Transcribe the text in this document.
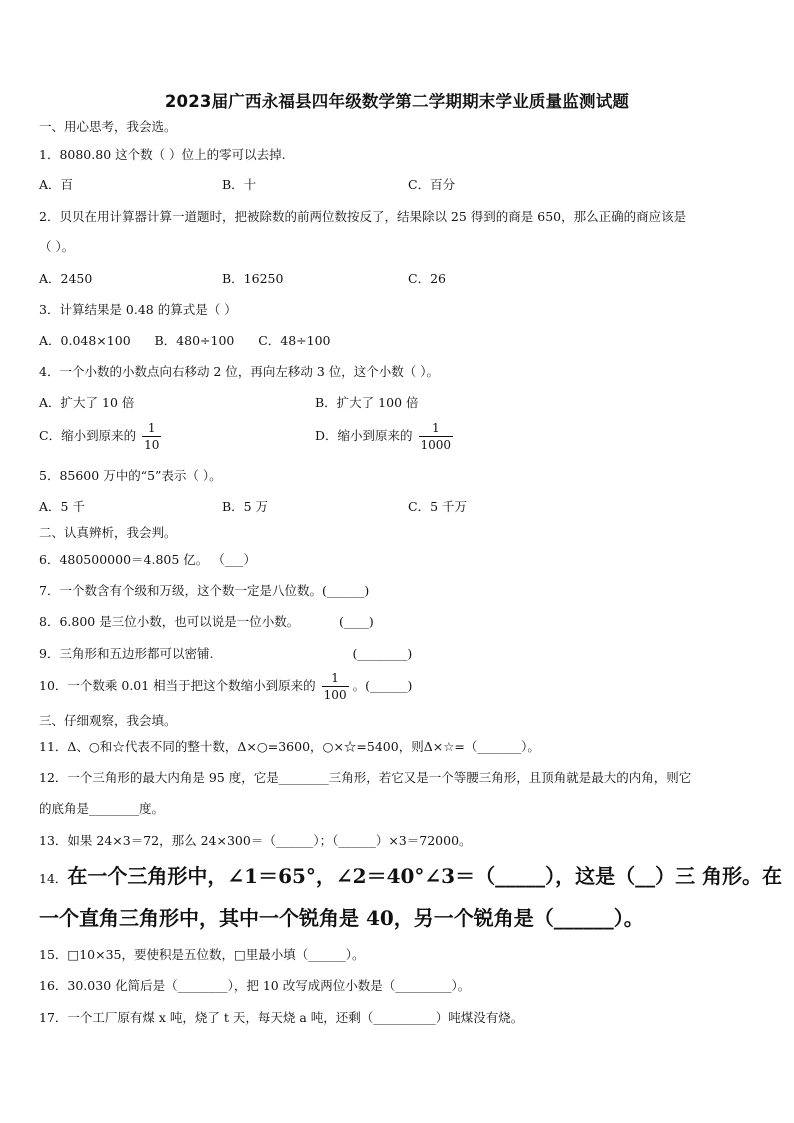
2023届广西永福县四年级数学第二学期期末学业质量监测试题
一、用心思考，我会选。
1．8080.80 这个数（ ）位上的零可以去掉.
A．百	B．十	C．百分
2．贝贝在用计算器计算一道题时，把被除数的前两位数按反了，结果除以 25 得到的商是 650，那么正确的商应该是
（ ）。
A．2450	B．16250	C．26
3．计算结果是 0.48 的算式是（ ）
A．0.048×100      B．480÷100      C．48÷100
4．一个小数的小数点向右移动 2 位，再向左移动 3 位，这个小数（ ）。
A．扩大了 10 倍	B．扩大了 100 倍
C．缩小到原来的 $\frac{1}{10}$	D．缩小到原来的 $\frac{1}{1000}$
5．85600 万中的“5”表示（ ）。
A．5 千	B．5 万	C．5 千万
二、认真辨析，我会判。
6．480500000＝4.805 亿。 （___）
7．一个数含有个级和万级，这个数一定是八位数。(______)
8．6.800 是三位小数，也可以说是一位小数。          (____)
9．三角形和五边形都可以密铺.                                   (________)
10．一个数乘 0.01 相当于把这个数缩小到原来的 $\frac{1}{100}$ 。(______)
三、仔细观察，我会填。
11．Δ、○和☆代表不同的整十数，Δ×○=3600，○×☆=5400，则Δ×☆=（_______）。
12．一个三角形的最大内角是 95 度，它是________三角形，若它又是一个等腰三角形，且顶角就是最大的内角，则它
的底角是________度。
13．如果 24×3＝72，那么 24×300＝（______）；（______）×3＝72000。
14．在一个三角形中，∠1＝65°，∠2＝40°∠3＝（_____），这是（__）三 角形。在
一个直角三角形中，其中一个锐角是 40，另一个锐角是（______）。
15．□10×35，要使积是五位数，□里最小填（______）。
16．30.030 化简后是（________），把 10 改写成两位小数是（_________）。
17．一个工厂原有煤 x 吨，烧了 t 天，每天烧 a 吨，还剩（__________）吨煤没有烧。
